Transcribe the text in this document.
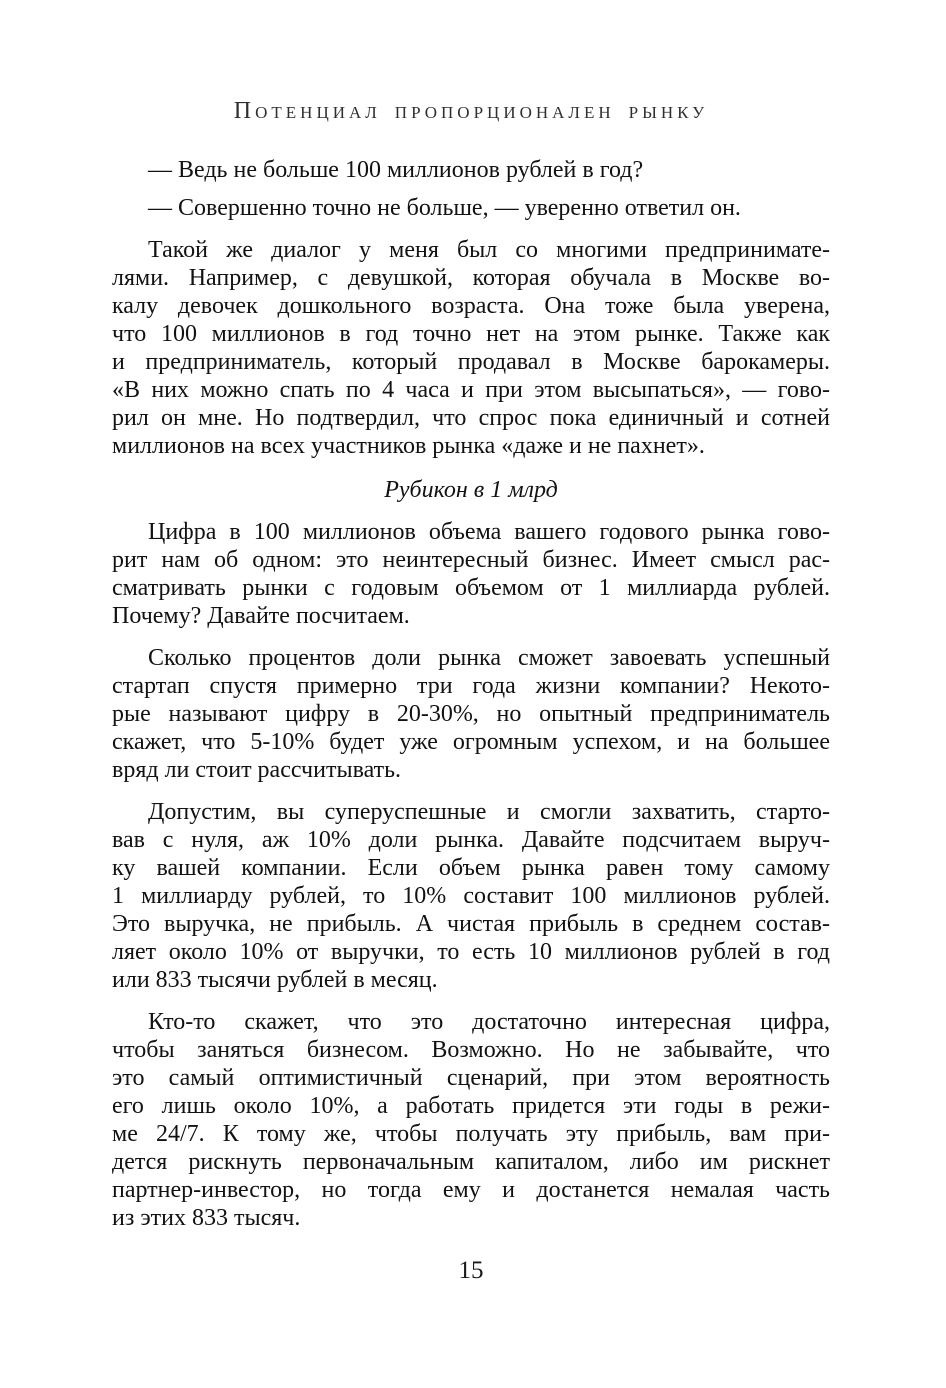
Потенциал пропорционален рынку
— Ведь не больше 100 миллионов рублей в год?
— Совершенно точно не больше, — уверенно ответил он.
Такой же диалог у меня был со многими предпринимате-
лями. Например, с девушкой, которая обучала в Москве во-
калу девочек дошкольного возраста. Она тоже была уверена,
что 100 миллионов в год точно нет на этом рынке. Также как
и предприниматель, который продавал в Москве барокамеры.
«В них можно спать по 4 часа и при этом высыпаться», — гово-
рил он мне. Но подтвердил, что спрос пока единичный и сотней
миллионов на всех участников рынка «даже и не пахнет».
Рубикон в 1 млрд
Цифра в 100 миллионов объема вашего годового рынка гово-
рит нам об одном: это неинтересный бизнес. Имеет смысл рас-
сматривать рынки с годовым объемом от 1 миллиарда рублей.
Почему? Давайте посчитаем.
Сколько процентов доли рынка сможет завоевать успешный
стартап спустя примерно три года жизни компании? Некото-
рые называют цифру в 20-30%, но опытный предприниматель
скажет, что 5-10% будет уже огромным успехом, и на большее
вряд ли стоит рассчитывать.
Допустим, вы суперуспешные и смогли захватить, старто-
вав с нуля, аж 10% доли рынка. Давайте подсчитаем выруч-
ку вашей компании. Если объем рынка равен тому самому
1 миллиарду рублей, то 10% составит 100 миллионов рублей.
Это выручка, не прибыль. А чистая прибыль в среднем состав-
ляет около 10% от выручки, то есть 10 миллионов рублей в год
или 833 тысячи рублей в месяц.
Кто-то скажет, что это достаточно интересная цифра,
чтобы заняться бизнесом. Возможно. Но не забывайте, что
это самый оптимистичный сценарий, при этом вероятность
его лишь около 10%, а работать придется эти годы в режи-
ме 24/7. К тому же, чтобы получать эту прибыль, вам при-
дется рискнуть первоначальным капиталом, либо им рискнет
партнер-инвестор, но тогда ему и достанется немалая часть
из этих 833 тысяч.
15
